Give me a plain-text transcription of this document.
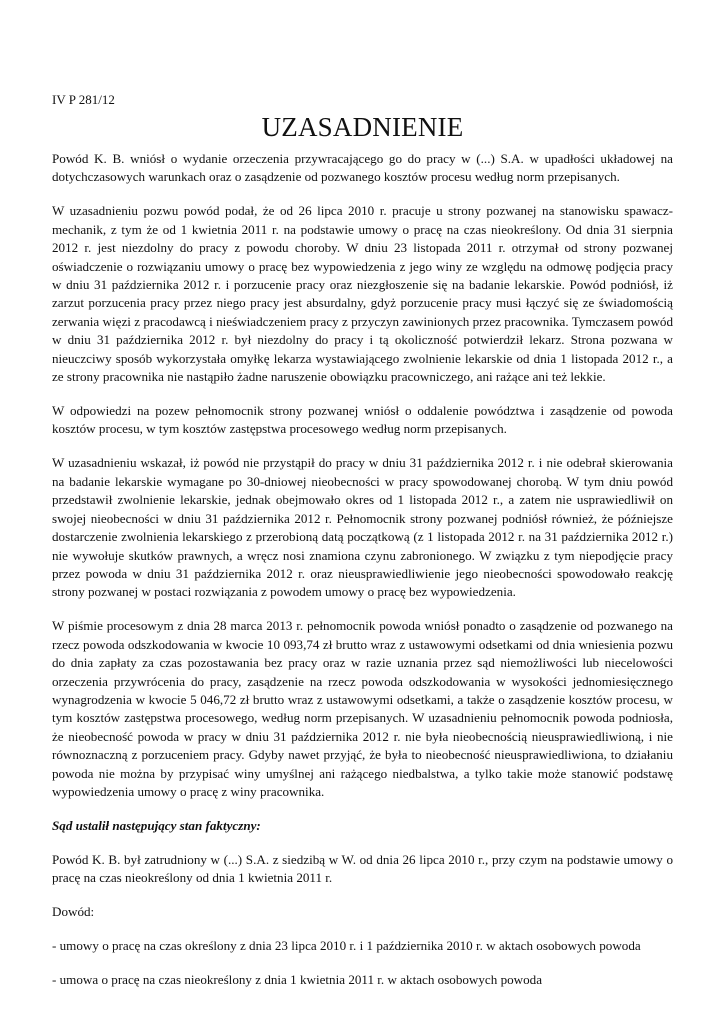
IV P 281/12
UZASADNIENIE

Powód K. B. wniósł o wydanie orzeczenia przywracającego go do pracy w (...) S.A. w upadłości układowej na dotychczasowych warunkach oraz o zasądzenie od pozwanego kosztów procesu według norm przepisanych.

W uzasadnieniu pozwu powód podał, że od 26 lipca 2010 r. pracuje u strony pozwanej na stanowisku spawacz-mechanik, z tym że od 1 kwietnia 2011 r. na podstawie umowy o pracę na czas nieokreślony. Od dnia 31 sierpnia 2012 r. jest niezdolny do pracy z powodu choroby. W dniu 23 listopada 2011 r. otrzymał od strony pozwanej oświadczenie o rozwiązaniu umowy o pracę bez wypowiedzenia z jego winy ze względu na odmowę podjęcia pracy w dniu 31 października 2012 r. i porzucenie pracy oraz niezgłoszenie się na badanie lekarskie. Powód podniósł, iż zarzut porzucenia pracy przez niego pracy jest absurdalny, gdyż porzucenie pracy musi łączyć się ze świadomością zerwania więzi z pracodawcą i nieświadczeniem pracy z przyczyn zawinionych przez pracownika. Tymczasem powód w dniu 31 października 2012 r. był niezdolny do pracy i tą okoliczność potwierdził lekarz. Strona pozwana w nieuczciwy sposób wykorzystała omyłkę lekarza wystawiającego zwolnienie lekarskie od dnia 1 listopada 2012 r., a ze strony pracownika nie nastąpiło żadne naruszenie obowiązku pracowniczego, ani rażące ani też lekkie.

W odpowiedzi na pozew pełnomocnik strony pozwanej wniósł o oddalenie powództwa i zasądzenie od powoda kosztów procesu, w tym kosztów zastępstwa procesowego według norm przepisanych.

W uzasadnieniu wskazał, iż powód nie przystąpił do pracy w dniu 31 października 2012 r. i nie odebrał skierowania na badanie lekarskie wymagane po 30-dniowej nieobecności w pracy spowodowanej chorobą. W tym dniu powód przedstawił zwolnienie lekarskie, jednak obejmowało okres od 1 listopada 2012 r., a zatem nie usprawiedliwił on swojej nieobecności w dniu 31 października 2012 r. Pełnomocnik strony pozwanej podniósł również, że późniejsze dostarczenie zwolnienia lekarskiego z przerobioną datą początkową (z 1 listopada 2012 r. na 31 października 2012 r.) nie wywołuje skutków prawnych, a wręcz nosi znamiona czynu zabronionego. W związku z tym niepodjęcie pracy przez powoda w dniu 31 października 2012 r. oraz nieusprawiedliwienie jego nieobecności spowodowało reakcję strony pozwanej w postaci rozwiązania z powodem umowy o pracę bez wypowiedzenia.

W piśmie procesowym z dnia 28 marca 2013 r. pełnomocnik powoda wniósł ponadto o zasądzenie od pozwanego na rzecz powoda odszkodowania w kwocie 10 093,74 zł brutto wraz z ustawowymi odsetkami od dnia wniesienia pozwu do dnia zapłaty za czas pozostawania bez pracy oraz w razie uznania przez sąd niemożliwości lub niecelowości orzeczenia przywrócenia do pracy, zasądzenie na rzecz powoda odszkodowania w wysokości jednomiesięcznego wynagrodzenia w kwocie 5 046,72 zł brutto wraz z ustawowymi odsetkami, a także o zasądzenie kosztów procesu, w tym kosztów zastępstwa procesowego, według norm przepisanych. W uzasadnieniu pełnomocnik powoda podniosła, że nieobecność powoda w pracy w dniu 31 października 2012 r. nie była nieobecnością nieusprawiedliwioną, i nie równoznaczną z porzuceniem pracy. Gdyby nawet przyjąć, że była to nieobecność nieusprawiedliwiona, to działaniu powoda nie można by przypisać winy umyślnej ani rażącego niedbalstwa, a tylko takie może stanowić podstawę wypowiedzenia umowy o pracę z winy pracownika.

Sąd ustalił następujący stan faktyczny:

Powód K. B. był zatrudniony w (...) S.A. z siedzibą w W. od dnia 26 lipca 2010 r., przy czym na podstawie umowy o pracę na czas nieokreślony od dnia 1 kwietnia 2011 r.

Dowód:

- umowy o pracę na czas określony z dnia 23 lipca 2010 r. i 1 października 2010 r. w aktach osobowych powoda

- umowa o pracę na czas nieokreślony z dnia 1 kwietnia 2011 r. w aktach osobowych powoda
